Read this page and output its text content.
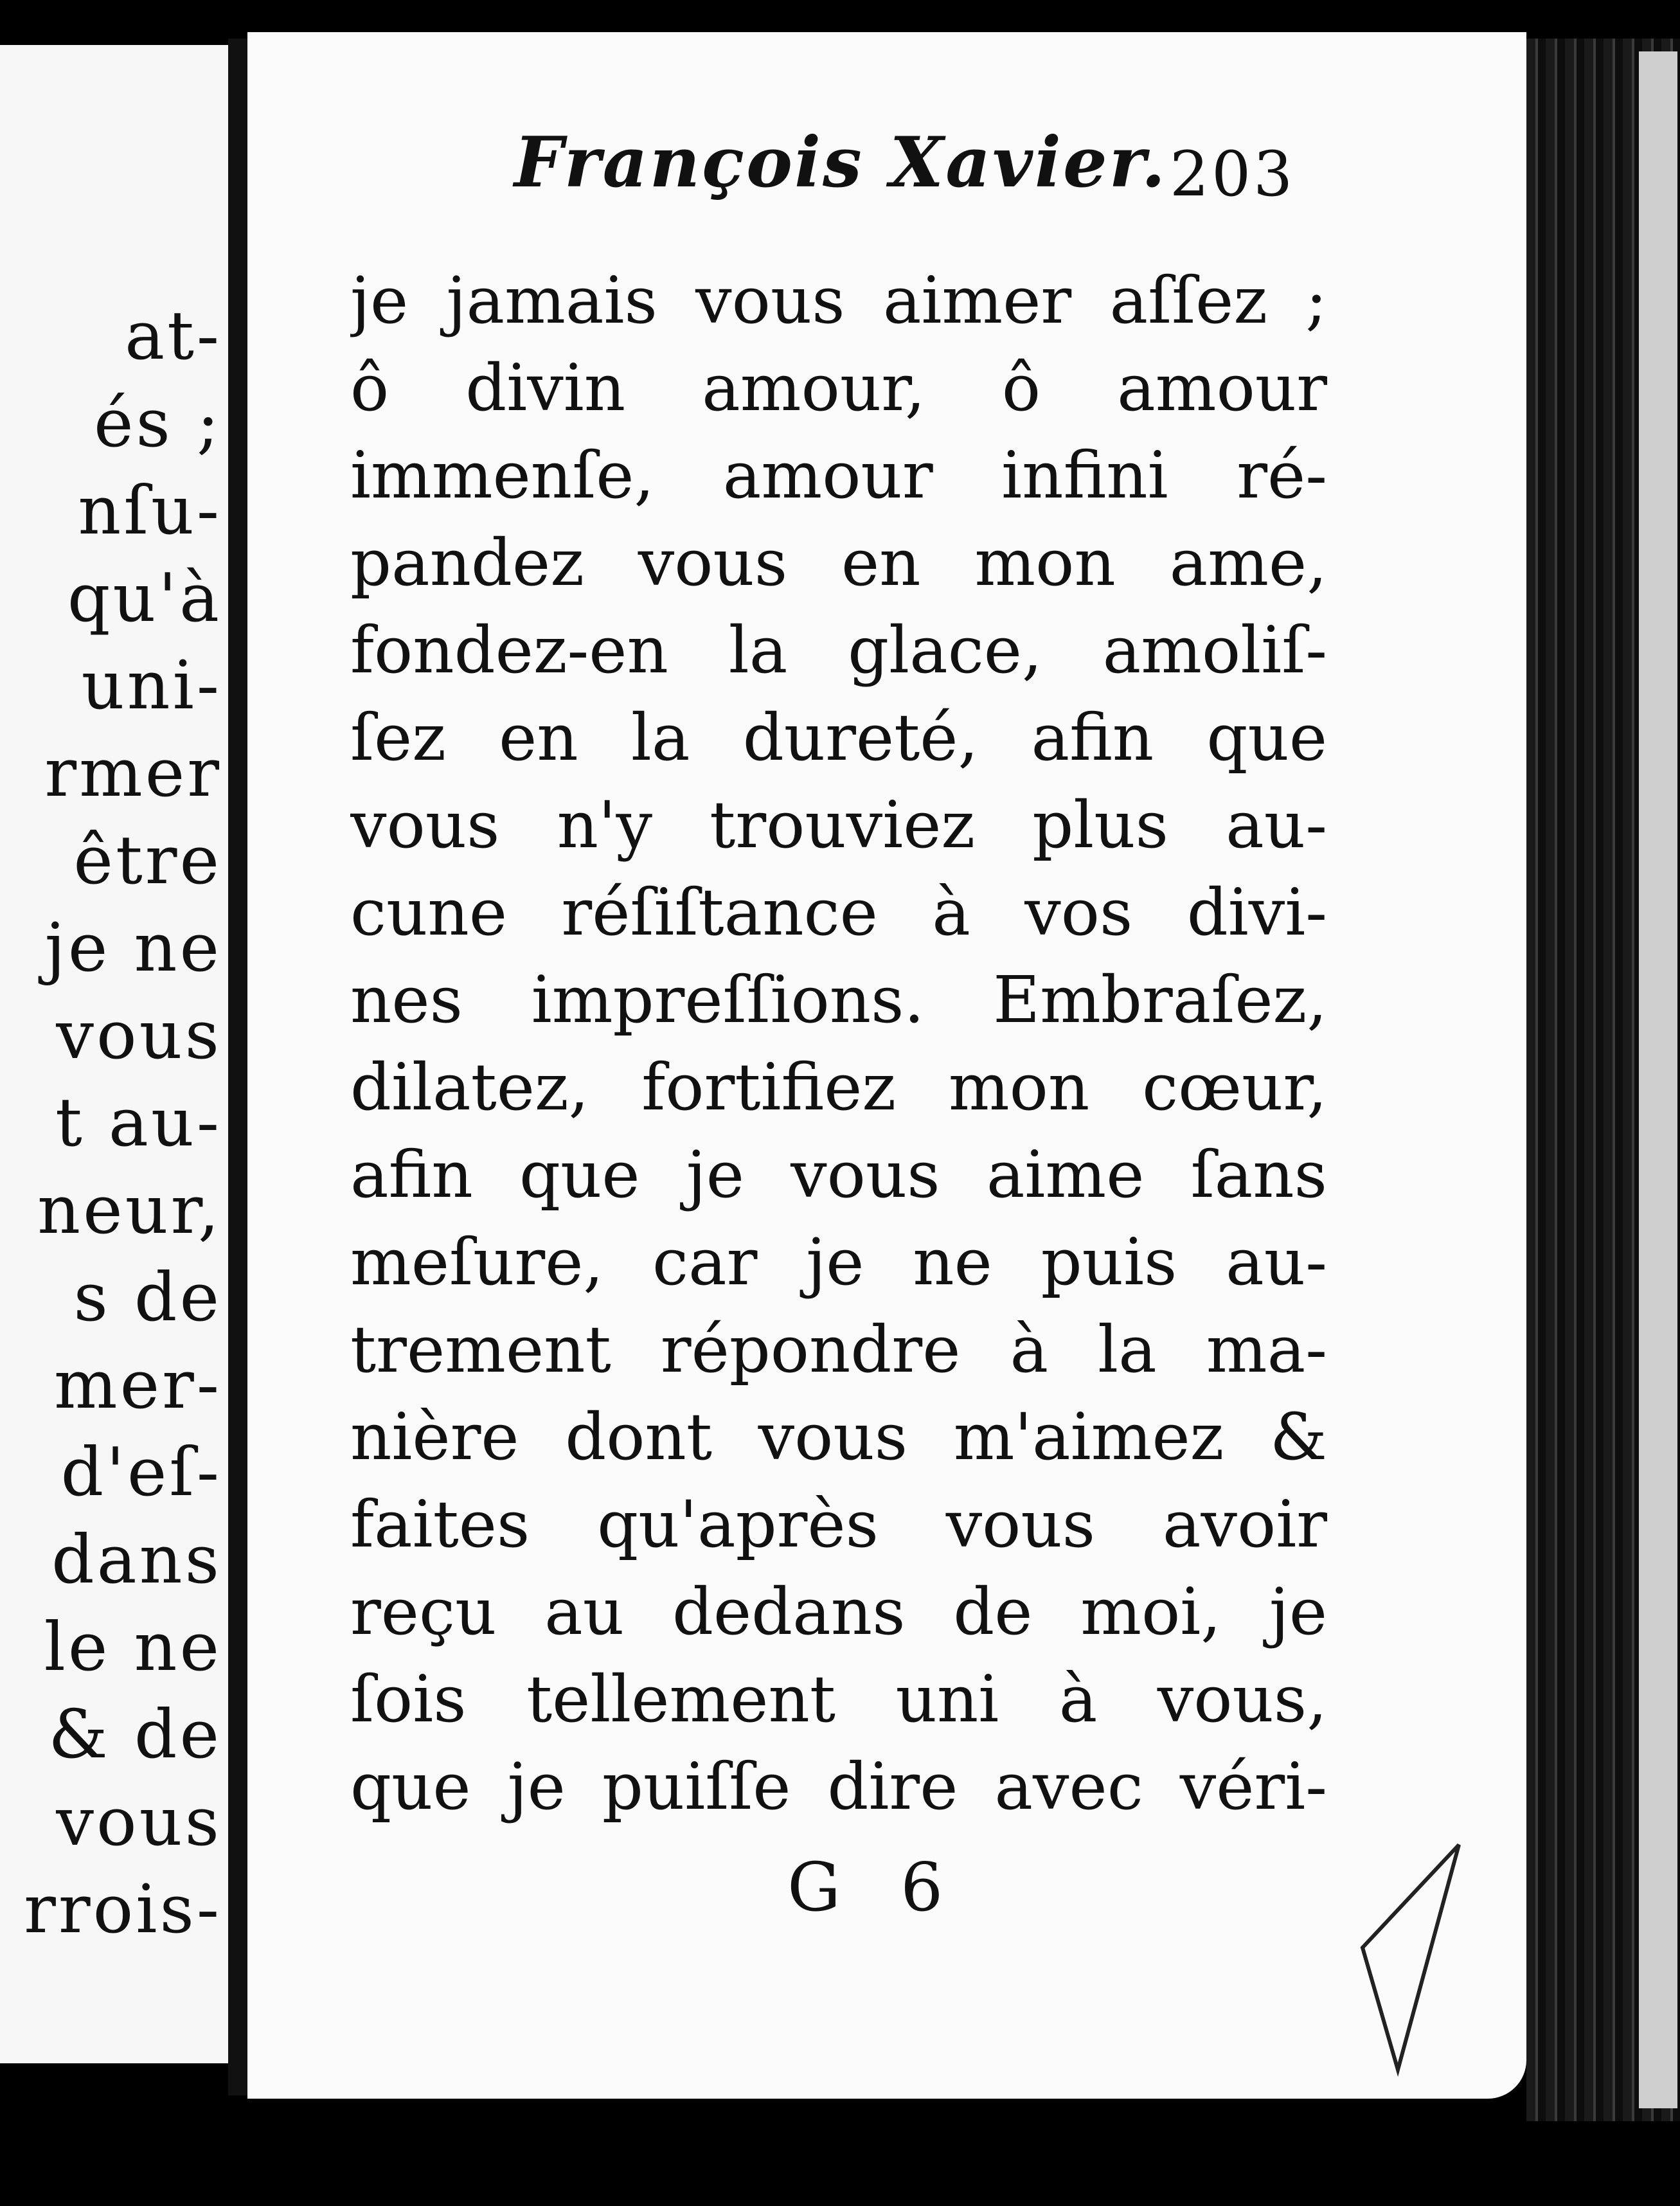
at-
és ;
nſu-
qu'à
uni-
rmer
être
je ne
vous
t au-
neur,
s de
mer-
d'eſ-
dans
le ne
& de
vous
rrois-
François Xavier. 203
je jamais vous aimer aſſez ;
ô divin amour, ô amour
immenſe, amour infini ré-
pandez vous en mon ame,
fondez-en la glace, amoliſ-
ſez en la dureté, afin que
vous n'y trouviez plus au-
cune réſiſtance à vos divi-
nes impreſſions. Embraſez,
dilatez, fortifiez mon cœur,
afin que je vous aime ſans
meſure, car je ne puis au-
trement répondre à la ma-
nière dont vous m'aimez &
faites qu'après vous avoir
reçu au dedans de moi, je
ſois tellement uni à vous,
que je puiſſe dire avec véri-
G 6
